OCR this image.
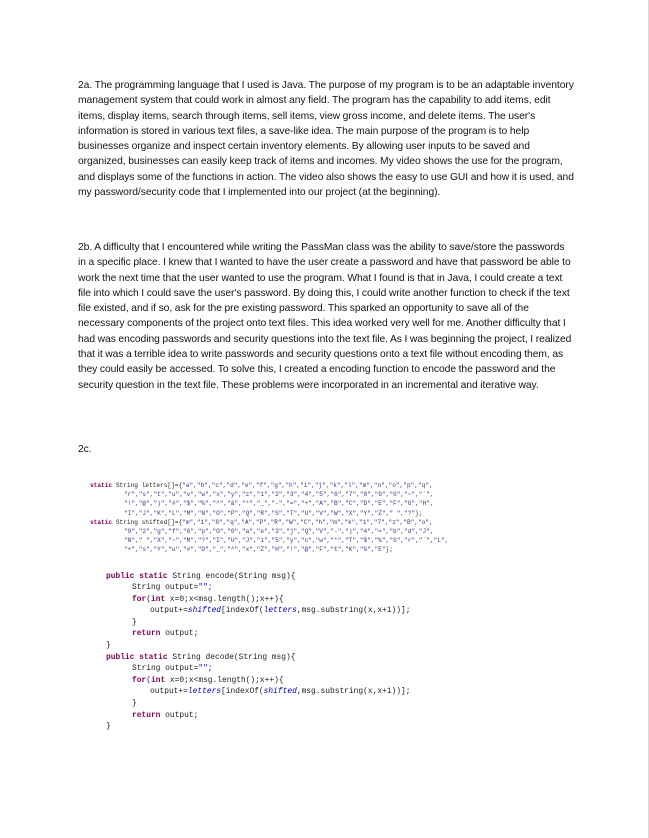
2a. The programming language that I used is Java. The purpose of my program is to be an adaptable inventory management system that could work in almost any field. The program has the capability to add items, edit items, display items, search through items, sell items, view gross income, and delete items. The user's information is stored in various text files, a save-like idea. The main purpose of the program is to help businesses organize and inspect certain inventory elements. By allowing user inputs to be saved and organized, businesses can easily keep track of items and incomes. My video shows the use for the program, and displays some of the functions in action. The video also shows the easy to use GUI and how it is used, and my password/security code that I implemented into our project (at the beginning).

2b. A difficulty that I encountered while writing the PassMan class was the ability to save/store the passwords in a specific place. I knew that I wanted to have the user create a password and have that password be able to work the next time that the user wanted to use the program. What I found is that in Java, I could create a text file into which I could save the user's password. By doing this, I could write another function to check if the text file existed, and if so, ask for the pre existing password. This sparked an opportunity to save all of the necessary components of the project onto text files. This idea worked very well for me. Another difficulty that I had was encoding passwords and security questions into the text file. As I was beginning the project, I realized that it was a terrible idea to write passwords and security questions onto a text file without encoding them, as they could easily be accessed. To solve this, I created a encoding function to encode the password and the security question in the text file. These problems were incorporated in an incremental and iterative way.

2c.

static String letters[]={"a","b","c","d","e","f","g","h","i","j","k","l","m","n","o","p","q",
"r","s","t","u","v","w","x","y","z","1","2","3","4","5","6","7","8","9","0","~","`",
"!","@",")","#","$","%","^","&","*","_","-","=","+","A","B","C","D","E","F","G","H",
"I","J","K","L","M","N","O","P","Q","R","S","T","U","V","W","X","Y","Z"," ","?"};
static String shifted[]={"m","1","8","q","A","P","R","W","C","h","m","k","1","7","z","B","o",
"9","2","g","f","6","p","O","0","a","e","3","j","Q","V","-",")","4","=","b","d","J",
"N"," ","X","~","M","?","I","U","J","i","5","y","c","w","*","T","$","%","S","r","`","L",
"+","s","Y","u","#","D","_","^","x","Z","H","!","@","F","t","K","G","E"};
public static String encode(String msg){
String output="";
for(int x=0;x<msg.length();x++){
output+=shifted[indexOf(letters,msg.substring(x,x+1))];
}
return output;
}
public static String decode(String msg){
String output="";
for(int x=0;x<msg.length();x++){
output+=letters[indexOf(shifted,msg.substring(x,x+1))];
}
return output;
}
